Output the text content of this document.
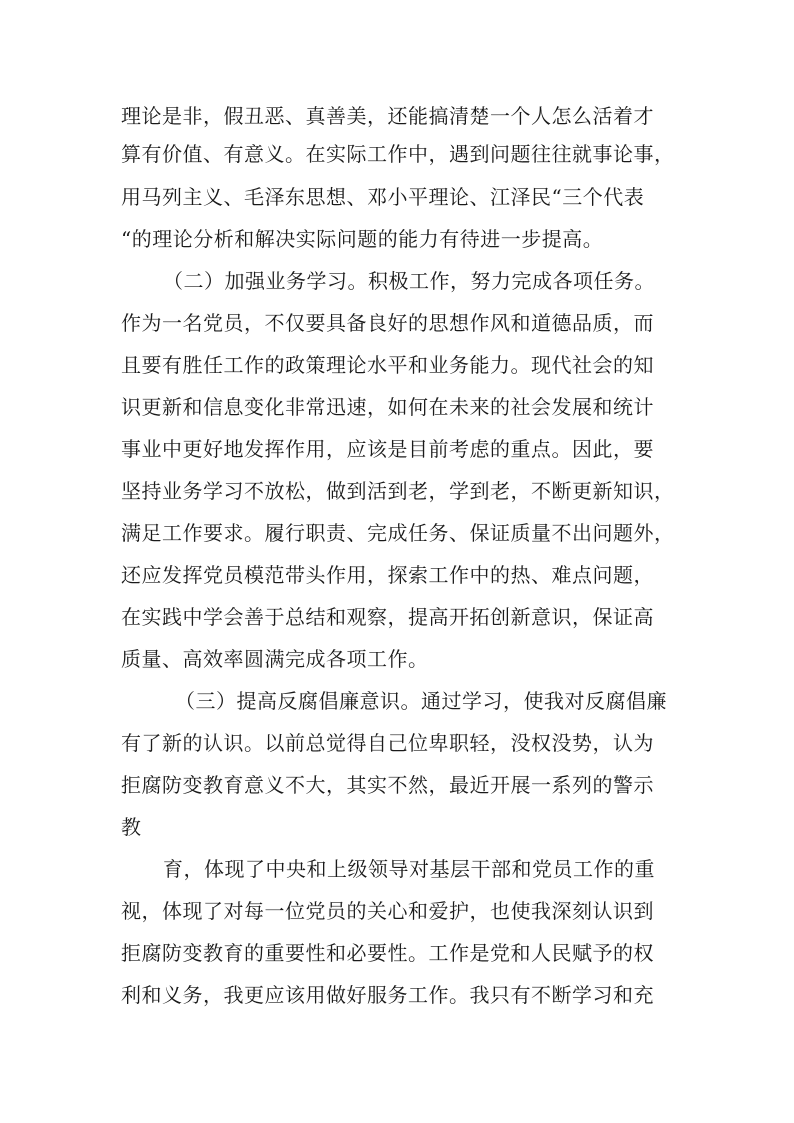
理论是非，假丑恶、真善美，还能搞清楚一个人怎么活着才
算有价值、有意义。在实际工作中，遇到问题往往就事论事，
用马列主义、毛泽东思想、邓小平理论、江泽民“三个代表
“的理论分析和解决实际问题的能力有待进一步提高。
（二）加强业务学习。积极工作，努力完成各项任务。
作为一名党员，不仅要具备良好的思想作风和道德品质，而
且要有胜任工作的政策理论水平和业务能力。现代社会的知
识更新和信息变化非常迅速，如何在未来的社会发展和统计
事业中更好地发挥作用，应该是目前考虑的重点。因此，要
坚持业务学习不放松，做到活到老，学到老，不断更新知识，
满足工作要求。履行职责、完成任务、保证质量不出问题外，
还应发挥党员模范带头作用，探索工作中的热、难点问题，
在实践中学会善于总结和观察，提高开拓创新意识，保证高
质量、高效率圆满完成各项工作。
（三）提高反腐倡廉意识。通过学习，使我对反腐倡廉
有了新的认识。以前总觉得自己位卑职轻，没权没势，认为
拒腐防变教育意义不大，其实不然，最近开展一系列的警示
教
育，体现了中央和上级领导对基层干部和党员工作的重
视，体现了对每一位党员的关心和爱护，也使我深刻认识到
拒腐防变教育的重要性和必要性。工作是党和人民赋予的权
利和义务，我更应该用做好服务工作。我只有不断学习和充
